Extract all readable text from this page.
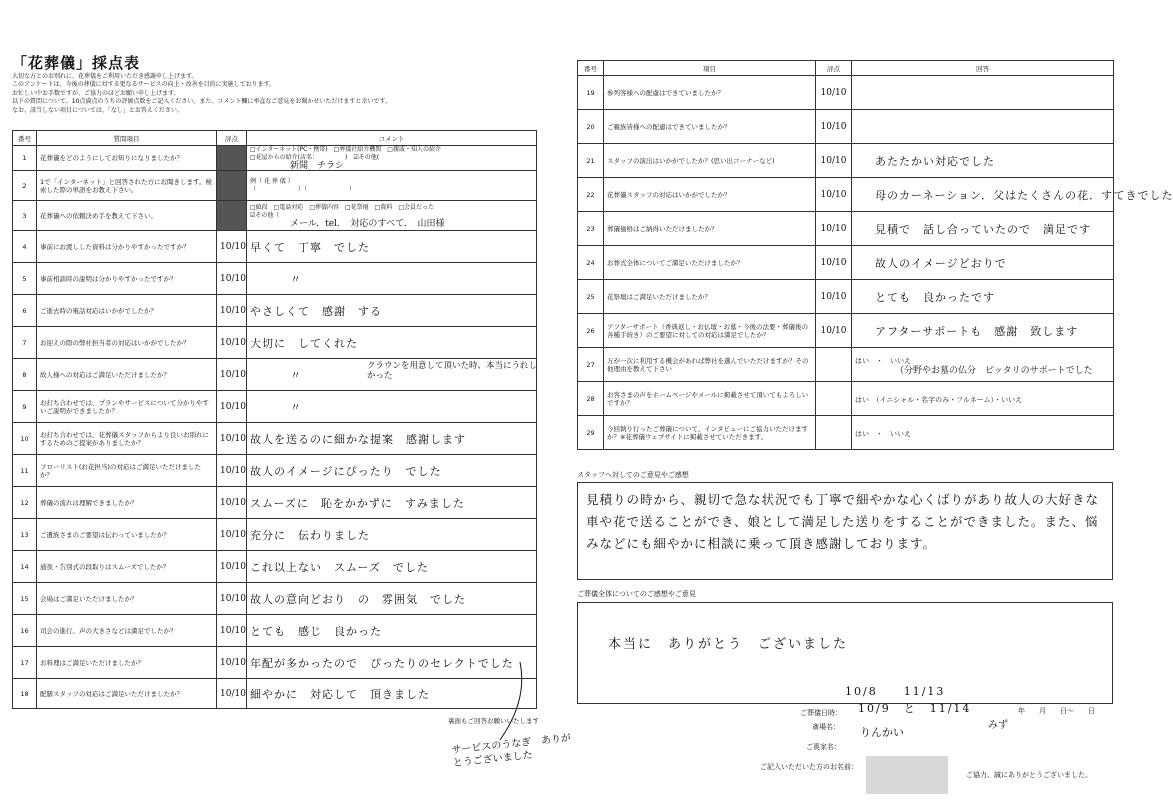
「花葬儀」採点表
大切な方とのお別れに、花葬儀をご利用いただき感謝申し上げます。
このアンケートは、今後の葬儀に対する更なるサービスの向上・改善を目的に実施しております。
お忙しい中お手数ですが、ご協力のほどお願い申し上げます。
以下の質問について、10点満点のうちの評価点数をご記入ください。また、コメント欄に率直なご意見をお聞かせいただけますと幸いです。
なお、該当しない項目については、「なし」とお答えください。
番号	質問項目	評点	コメント
1	花葬儀をどのようにしてお知りになりましたか？		□インターネット(PC・携帯)　□葬儀社紹介機関　□親戚・知人の紹介
□花屋からの紹介(店名：　　　　　)　☑その他(
新聞　チラシ

2	1で「インターネット」と回答された方にお聞きします。検索した際の単語をお教え下さい。		例（ 花 葬 儀 ）
（　　　　　　　）（　　　　　　　）

3	花葬儀への依頼決め手を教えて下さい。		□値段　□電話対応　□葬儀内容　□花祭壇　□資料　□会員だった
☑その他（
メール．tel．　対応のすべて．　山田様

4	事前にお渡しした資料は分かりやすかったですか？	10/10	早くて　丁寧　でした
5	事前相談時の説明は分かりやすかったですか？	10/10	〃
6	ご逝去時の電話対応はいかがでしたか？	10/10	やさしくて　感謝　する
7	お迎えの際の弊社担当者の対応はいかがでしたか？	10/10	大切に　してくれた
8	故人様への対応はご満足いただけましたか？	10/10	〃
クラウンを用意して頂いた時、本当にうれしかった

9	お打ち合わせでは、プランやサービスについて分かりやすいご説明ができましたか？	10/10	〃
10	お打ち合わせでは、花葬儀スタッフからより良いお別れにするためのご提案がありましたか？	10/10	故人を送るのに細かな提案　感謝します
11	フローリスト(お花担当)の対応はご満足いただけましたか？	10/10	故人のイメージにぴったり　でした
12	葬儀の流れは理解できましたか？	10/10	スムーズに　恥をかかずに　すみました
13	ご遺族さまのご要望は伝わっていましたか？	10/10	充分に　伝わりました
14	通夜・告別式の段取りはスムーズでしたか？	10/10	これ以上ない　スムーズ　でした
15	会場はご満足いただけましたか？	10/10	故人の意向どおり　の　雰囲気　でした
16	司会の進行、声の大きさなどは満足でしたか？	10/10	とても　感じ　良かった
17	お料理はご満足いただけましたか？	10/10	年配が多かったので　ぴったりのセレクトでした
18	配膳スタッフの対応はご満足いただけましたか？	10/10	細やかに　対応して　頂きました
裏面もご回答お願いいたします
サービスのうなぎ　ありがとうございました
番号	項目	評点	回答
19	参列客様への配慮はできていましたか？	10/10	
20	ご親族皆様への配慮はできていましたか？	10/10	
21	スタッフの演出はいかがでしたか？(思い出コーナーなど)	10/10	あたたかい対応でした
22	花葬儀スタッフの対応はいかがでしたか？	10/10	母のカーネーション．父はたくさんの花．すてきでした
23	葬儀価格はご納得いただけましたか？	10/10	見積で　話し合っていたので　満足です
24	お葬式全体についてご満足いただけましたか？	10/10	故人のイメージどおりで
25	花祭壇はご満足いただけましたか？	10/10	とても　良かったです
26	アフターサポート（香典返し・お仏壇・お墓・今後の法要・葬儀後の各種手続き）のご要望に対しての対応は満足でしたか？	10/10	アフターサポートも　感謝　致します
27	万が一次に利用する機会があれば弊社を選んでいただけますか？その他理由を教えて下さい		はい　・　いいえ
（分野やお墓の仏分　ピッタリのサポートでした

28	お客さまの声をホームページやメールに掲載させて頂いてもよろしいですか？		はい　（イニシャル・名字のみ・フルネーム）・いいえ
29	今回執り行ったご葬儀について、インタビューにご協力いただけますか？※花葬儀ウェブサイトに掲載させていただきます。		はい　・　いいえ
スタッフへ対してのご意見やご感想
見積りの時から、親切で急な状況でも丁寧で細やかな心くばりがあり故人の大好きな車や花で送ることができ、娘として満足した送りをすることができました。また、悩みなどにも細やかに相談に乗って頂き感謝しております。
ご葬儀全体についてのご感想やご意見
本当に　ありがとう　ございました
10/8　　11/13
ご葬儀日時： 10/9　と　11/14	年　　月　　日〜　　日
斎場名： りんかい
みず
ご喪家名：
ご記入いただいた方のお名前：
ご協力、誠にありがとうございました。
